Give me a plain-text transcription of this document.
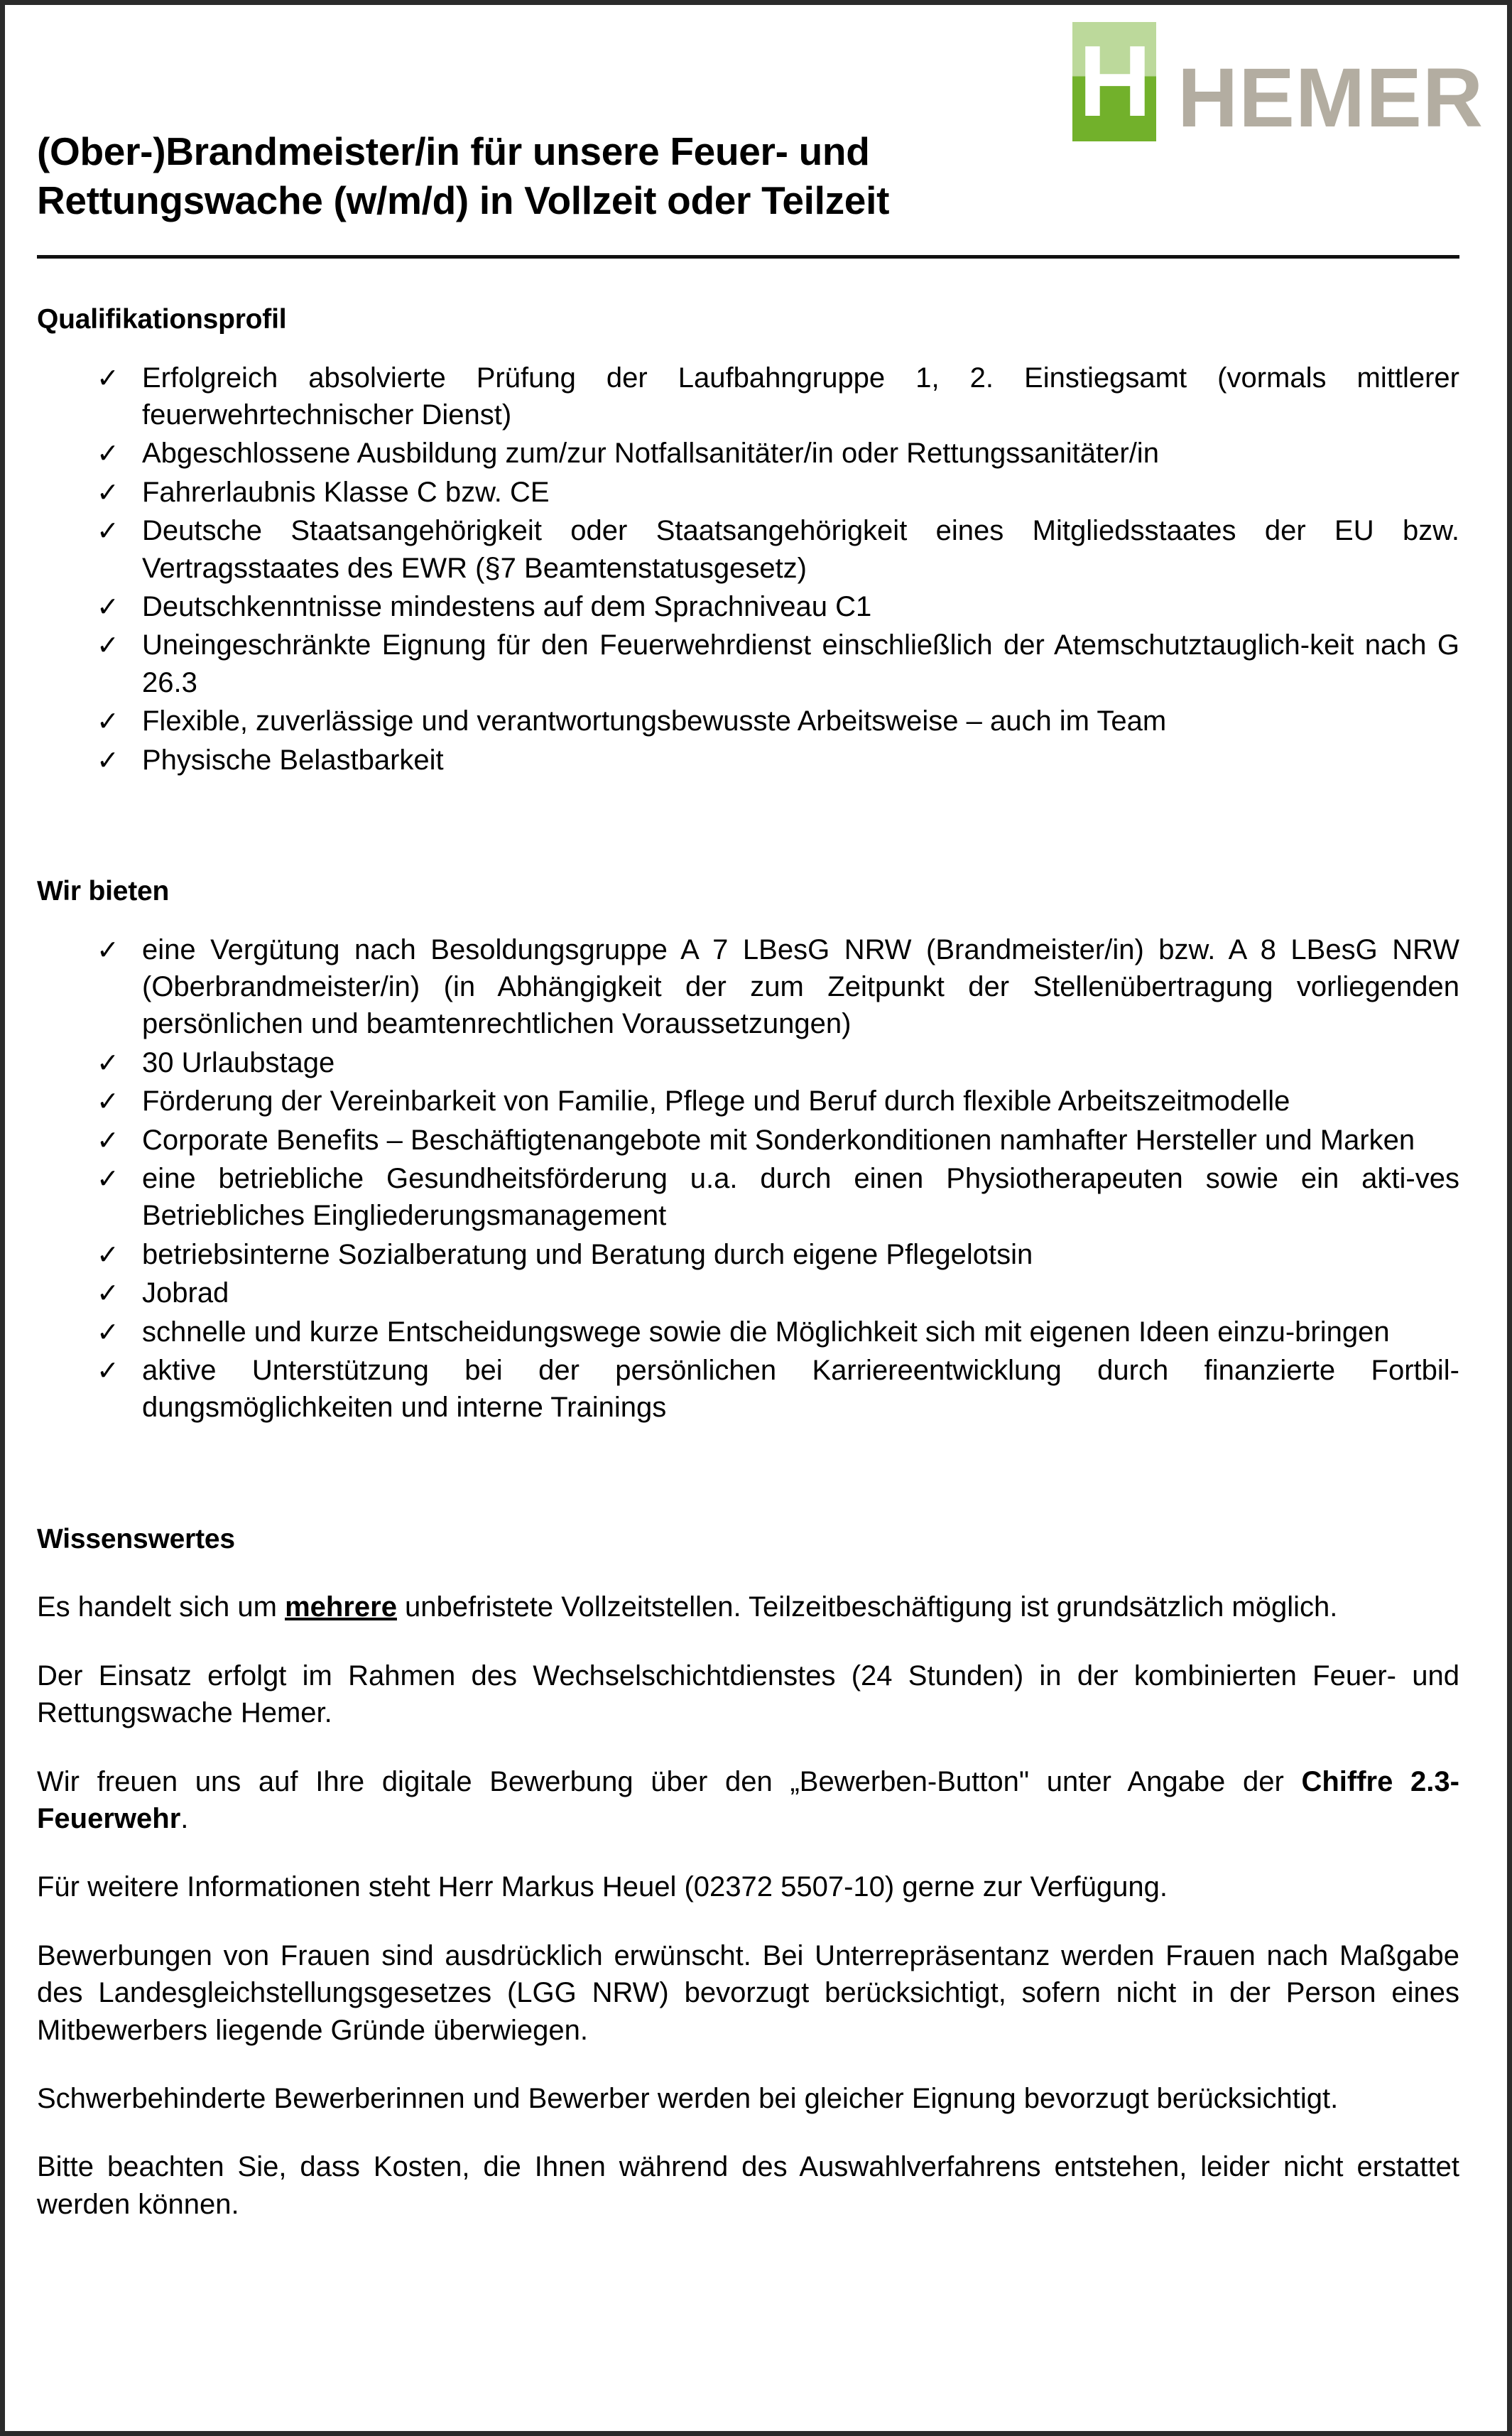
H HEMER
(Ober-)Brandmeister/in für unsere Feuer- und Rettungswache (w/m/d) in Vollzeit oder Teilzeit
Qualifikationsprofil
✓ Erfolgreich absolvierte Prüfung der Laufbahngruppe 1, 2. Einstiegsamt (vormals mittlerer feuerwehrtechnischer Dienst)
✓ Abgeschlossene Ausbildung zum/zur Notfallsanitäter/in oder Rettungssanitäter/in
✓ Fahrerlaubnis Klasse C bzw. CE
✓ Deutsche Staatsangehörigkeit oder Staatsangehörigkeit eines Mitgliedsstaates der EU bzw. Vertragsstaates des EWR (§7 Beamtenstatusgesetz)
✓ Deutschkenntnisse mindestens auf dem Sprachniveau C1
✓ Uneingeschränkte Eignung für den Feuerwehrdienst einschließlich der Atemschutztauglich-keit nach G 26.3
✓ Flexible, zuverlässige und verantwortungsbewusste Arbeitsweise – auch im Team
✓ Physische Belastbarkeit
Wir bieten
✓ eine Vergütung nach Besoldungsgruppe A 7 LBesG NRW (Brandmeister/in) bzw. A 8 LBesG NRW (Oberbrandmeister/in) (in Abhängigkeit der zum Zeitpunkt der Stellenübertragung vorliegenden persönlichen und beamtenrechtlichen Voraussetzungen)
✓ 30 Urlaubstage
✓ Förderung der Vereinbarkeit von Familie, Pflege und Beruf durch flexible Arbeitszeitmodelle
✓ Corporate Benefits – Beschäftigtenangebote mit Sonderkonditionen namhafter Hersteller und Marken
✓ eine betriebliche Gesundheitsförderung u.a. durch einen Physiotherapeuten sowie ein akti-ves Betriebliches Eingliederungsmanagement
✓ betriebsinterne Sozialberatung und Beratung durch eigene Pflegelotsin
✓ Jobrad
✓ schnelle und kurze Entscheidungswege sowie die Möglichkeit sich mit eigenen Ideen einzu-bringen
✓ aktive Unterstützung bei der persönlichen Karriereentwicklung durch finanzierte Fortbil-dungsmöglichkeiten und interne Trainings
Wissenswertes

Es handelt sich um mehrere unbefristete Vollzeitstellen. Teilzeitbeschäftigung ist grundsätzlich möglich.

Der Einsatz erfolgt im Rahmen des Wechselschichtdienstes (24 Stunden) in der kombinierten Feuer- und Rettungswache Hemer.

Wir freuen uns auf Ihre digitale Bewerbung über den „Bewerben-Button" unter Angabe der Chiffre 2.3-Feuerwehr.

Für weitere Informationen steht Herr Markus Heuel (02372 5507-10) gerne zur Verfügung.

Bewerbungen von Frauen sind ausdrücklich erwünscht. Bei Unterrepräsentanz werden Frauen nach Maßgabe des Landesgleichstellungsgesetzes (LGG NRW) bevorzugt berücksichtigt, sofern nicht in der Person eines Mitbewerbers liegende Gründe überwiegen.

Schwerbehinderte Bewerberinnen und Bewerber werden bei gleicher Eignung bevorzugt berücksichtigt.

Bitte beachten Sie, dass Kosten, die Ihnen während des Auswahlverfahrens entstehen, leider nicht erstattet werden können.
